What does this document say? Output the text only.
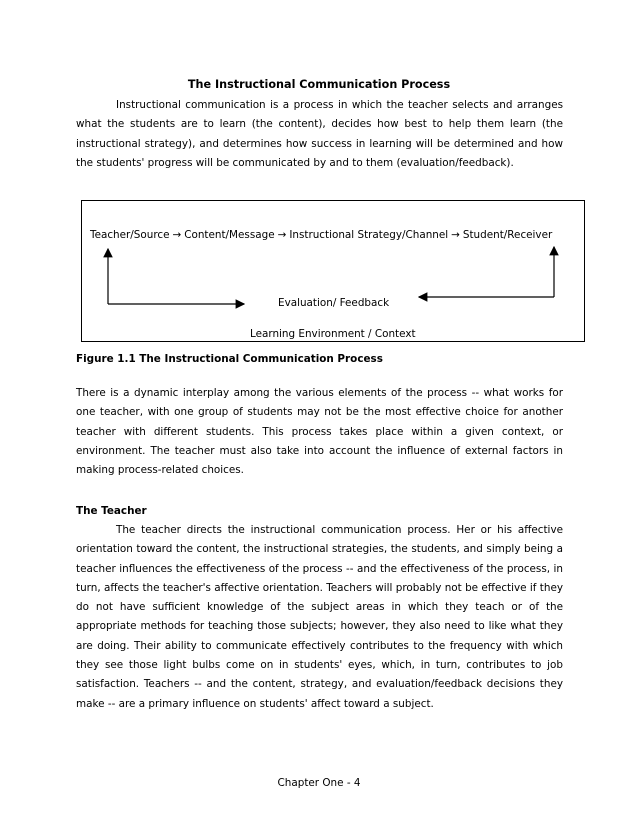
The Instructional Communication Process

Instructional communication is a process in which the teacher selects and arranges what the students are to learn (the content), decides how best to help them learn (the instructional strategy), and determines how success in learning will be determined and how the students' progress will be communicated by and to them (evaluation/feedback).

Teacher/Source → Content/Message → Instructional Strategy/Channel → Student/Receiver
Evaluation/ Feedback
Learning Environment / Context
Figure 1.1 The Instructional Communication Process

There is a dynamic interplay among the various elements of the process -- what works for one teacher, with one group of students may not be the most effective choice for another teacher with different students. This process takes place within a given context, or environment. The teacher must also take into account the influence of external factors in making process-related choices.

The Teacher

The teacher directs the instructional communication process. Her or his affective orientation toward the content, the instructional strategies, the students, and simply being a teacher influences the effectiveness of the process -- and the effectiveness of the process, in turn, affects the teacher's affective orientation. Teachers will probably not be effective if they do not have sufficient knowledge of the subject areas in which they teach or of the appropriate methods for teaching those subjects; however, they also need to like what they are doing. Their ability to communicate effectively contributes to the frequency with which they see those light bulbs come on in students' eyes, which, in turn, contributes to job satisfaction. Teachers -- and the content, strategy, and evaluation/feedback decisions they make -- are a primary influence on students' affect toward a subject.

Chapter One - 4
